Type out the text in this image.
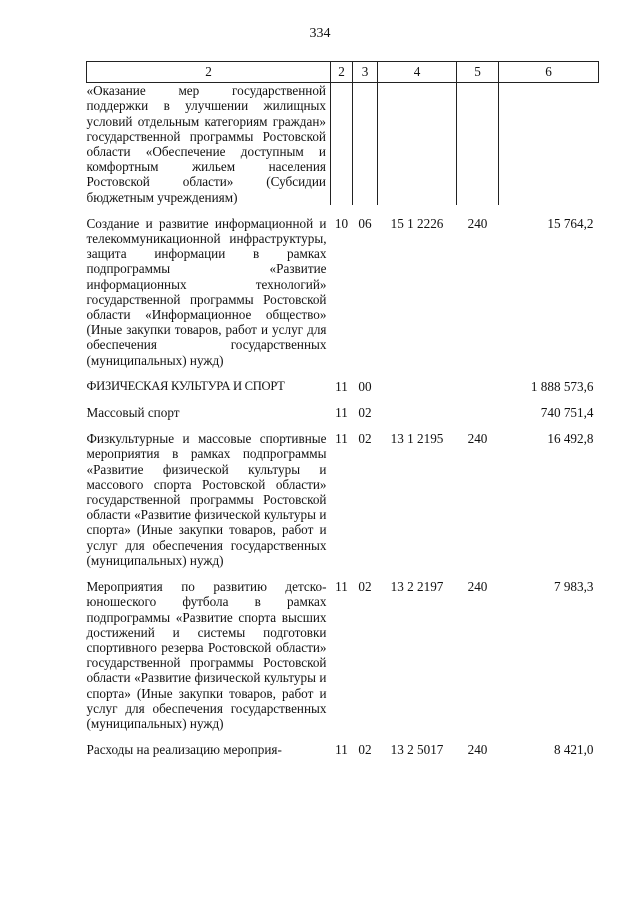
334
2	2	3	4	5	6
«Оказание мер государственной поддержки в улучшении жилищных условий отдельным категориям граждан» государственной программы Ростовской области «Обеспечение доступным и комфортным жильем населения Ростовской области» (Субсидии бюджетным учреждениям)					
Создание и развитие информационной и телекоммуникационной инфраструктуры, защита информации в рамках подпрограммы «Развитие информационных технологий» государственной программы Ростовской области «Информационное общество» (Иные закупки товаров, работ и услуг для обеспечения государственных (муниципальных) нужд)	10	06	15 1 2226	240	15 764,2
ФИЗИЧЕСКАЯ КУЛЬТУРА И СПОРТ	11	00			1 888 573,6
Массовый спорт	11	02			740 751,4
Физкультурные и массовые спортивные мероприятия в рамках подпрограммы «Развитие физической культуры и массового спорта Ростовской области» государственной программы Ростовской области «Развитие физической культуры и спорта» (Иные закупки товаров, работ и услуг для обеспечения государственных (муниципальных) нужд)	11	02	13 1 2195	240	16 492,8
Мероприятия по развитию детско-юношеского футбола в рамках подпрограммы «Развитие спорта высших достижений и системы подготовки спортивного резерва Ростовской области» государственной программы Ростовской области «Развитие физической культуры и спорта» (Иные закупки товаров, работ и услуг для обеспечения государственных (муниципальных) нужд)	11	02	13 2 2197	240	7 983,3
Расходы на реализацию мероприя-	11	02	13 2 5017	240	8 421,0
